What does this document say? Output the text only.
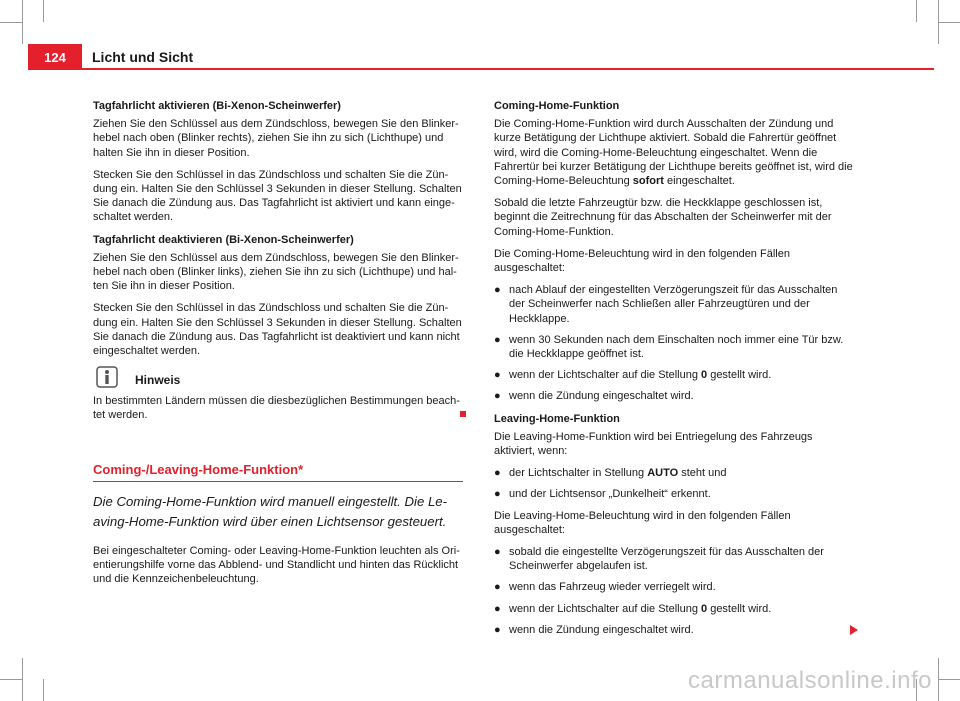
124	Licht und Sicht

Tagfahrlicht aktivieren (Bi-Xenon-Scheinwerfer)

Ziehen Sie den Schlüssel aus dem Zündschloss, bewegen Sie den Blinkerhebel nach oben (Blinker rechts), ziehen Sie ihn zu sich (Lichthupe) und halten Sie ihn in dieser Position.

Stecken Sie den Schlüssel in das Zündschloss und schalten Sie die Zündung ein. Halten Sie den Schlüssel 3 Sekunden in dieser Stellung. Schalten Sie danach die Zündung aus. Das Tagfahrlicht ist aktiviert und kann eingeschaltet werden.

Tagfahrlicht deaktivieren (Bi-Xenon-Scheinwerfer)

Ziehen Sie den Schlüssel aus dem Zündschloss, bewegen Sie den Blinkerhebel nach oben (Blinker links), ziehen Sie ihn zu sich (Lichthupe) und halten Sie ihn in dieser Position.

Stecken Sie den Schlüssel in das Zündschloss und schalten Sie die Zündung ein. Halten Sie den Schlüssel 3 Sekunden in dieser Stellung. Schalten Sie danach die Zündung aus. Das Tagfahrlicht ist deaktiviert und kann nicht eingeschaltet werden.

Hinweis

In bestimmten Ländern müssen die diesbezüglichen Bestimmungen beachtet werden.

Coming-/Leaving-Home-Funktion*
Die Coming-Home-Funktion wird manuell eingestellt. Die Leaving-Home-Funktion wird über einen Lichtsensor gesteuert.

Bei eingeschalteter Coming- oder Leaving-Home-Funktion leuchten als Orientierungshilfe vorne das Abblend- und Standlicht und hinten das Rücklicht und die Kennzeichenbeleuchtung.

Coming-Home-Funktion

Die Coming-Home-Funktion wird durch Ausschalten der Zündung und kurze Betätigung der Lichthupe aktiviert. Sobald die Fahrertür geöffnet wird, wird die Coming-Home-Beleuchtung eingeschaltet. Wenn die Fahrertür bei kurzer Betätigung der Lichthupe bereits geöffnet ist, wird die Coming-Home-Beleuchtung sofort eingeschaltet.

Sobald die letzte Fahrzeugtür bzw. die Heckklappe geschlossen ist, beginnt die Zeitrechnung für das Abschalten der Scheinwerfer mit der Coming-Home-Funktion.

Die Coming-Home-Beleuchtung wird in den folgenden Fällen ausgeschaltet:

● nach Ablauf der eingestellten Verzögerungszeit für das Ausschalten der Scheinwerfer nach Schließen aller Fahrzeugtüren und der Heckklappe.
● wenn 30 Sekunden nach dem Einschalten noch immer eine Tür bzw. die Heckklappe geöffnet ist.
● wenn der Lichtschalter auf die Stellung 0 gestellt wird.
● wenn die Zündung eingeschaltet wird.

Leaving-Home-Funktion

Die Leaving-Home-Funktion wird bei Entriegelung des Fahrzeugs aktiviert, wenn:

● der Lichtschalter in Stellung AUTO steht und
● und der Lichtsensor „Dunkelheit“ erkennt.

Die Leaving-Home-Beleuchtung wird in den folgenden Fällen ausgeschaltet:

● sobald die eingestellte Verzögerungszeit für das Ausschalten der Scheinwerfer abgelaufen ist.
● wenn das Fahrzeug wieder verriegelt wird.
● wenn der Lichtschalter auf die Stellung 0 gestellt wird.
● wenn die Zündung eingeschaltet wird.
carmanualsonline.info
